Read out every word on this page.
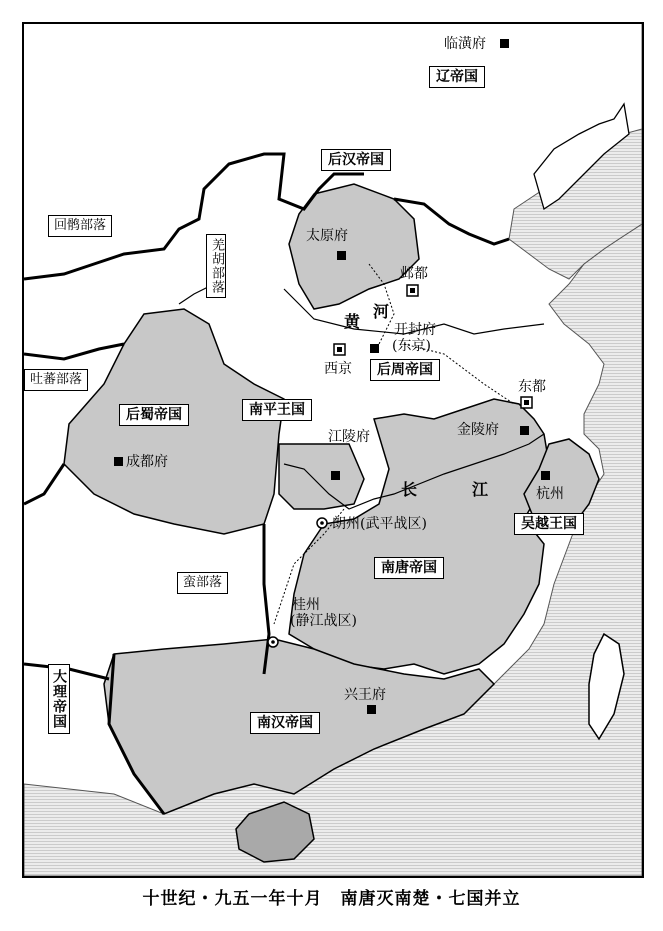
辽帝国
后汉帝国
后周帝国
后蜀帝国	南平王国
南唐帝国
吴越王国
南汉帝国
大理帝国
回鹘部落
羌胡部落
吐蕃部落
蛮部落
临潢府
太原府
邺都
开封府
(东京)
西京
成都府
江陵府
东都
金陵府
杭州
朗州(武平战区)
桂州
(静江战区)
兴王府
黄
河
长	江
十世纪・九五一年十月　南唐灭南楚・七国并立
